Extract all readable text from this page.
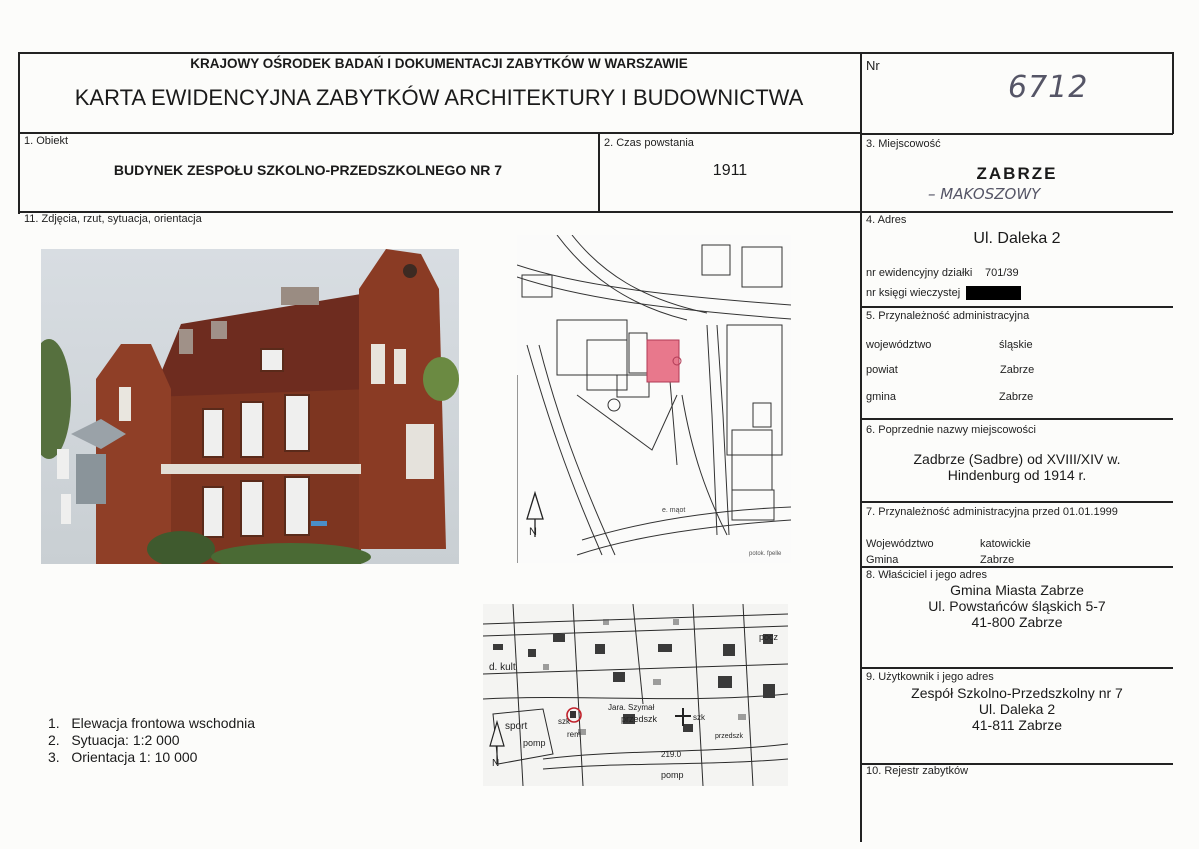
KRAJOWY OŚRODEK BADAŃ I DOKUMENTACJI ZABYTKÓW W WARSZAWIE
KARTA EWIDENCYJNA ZABYTKÓW ARCHITEKTURY I BUDOWNICTWA
Nr
6712
1. Obiekt
BUDYNEK ZESPOŁU SZKOLNO-PRZEDSZKOLNEGO NR 7
2. Czas powstania
1911
3. Miejscowość
ZABRZE
– MAKOSZOWY
11. Zdjęcia, rzut, sytuacja, orientacja
N
e. mąot
potok. fpelle
N
d. kult
sport	szk	przedszk
Jara. Szymał
szk
rem
pomp
219.0
pomp
przedszk
pocz
1.   Elewacja frontowa wschodnia
2.   Sytuacja: 1:2 000
3.   Orientacja 1: 10 000
4. Adres
Ul. Daleka 2
nr ewidencyjny działki 701/39
nr księgi wieczystej
5. Przynależność administracyjna
województwo	śląskie
powiat	Zabrze
gmina	Zabrze
6. Poprzednie nazwy miejscowości
Zadbrze (Sadbre) od XVIII/XIV w.
Hindenburg od 1914 r.
7. Przynależność administracyjna przed 01.01.1999
Województwo	katowickie
Gmina	Zabrze
8. Właściciel i jego adres
Gmina Miasta Zabrze
Ul. Powstańców śląskich 5-7
41-800 Zabrze
9. Użytkownik i jego adres
Zespół Szkolno-Przedszkolny nr 7
Ul. Daleka 2
41-811 Zabrze
10. Rejestr zabytków
